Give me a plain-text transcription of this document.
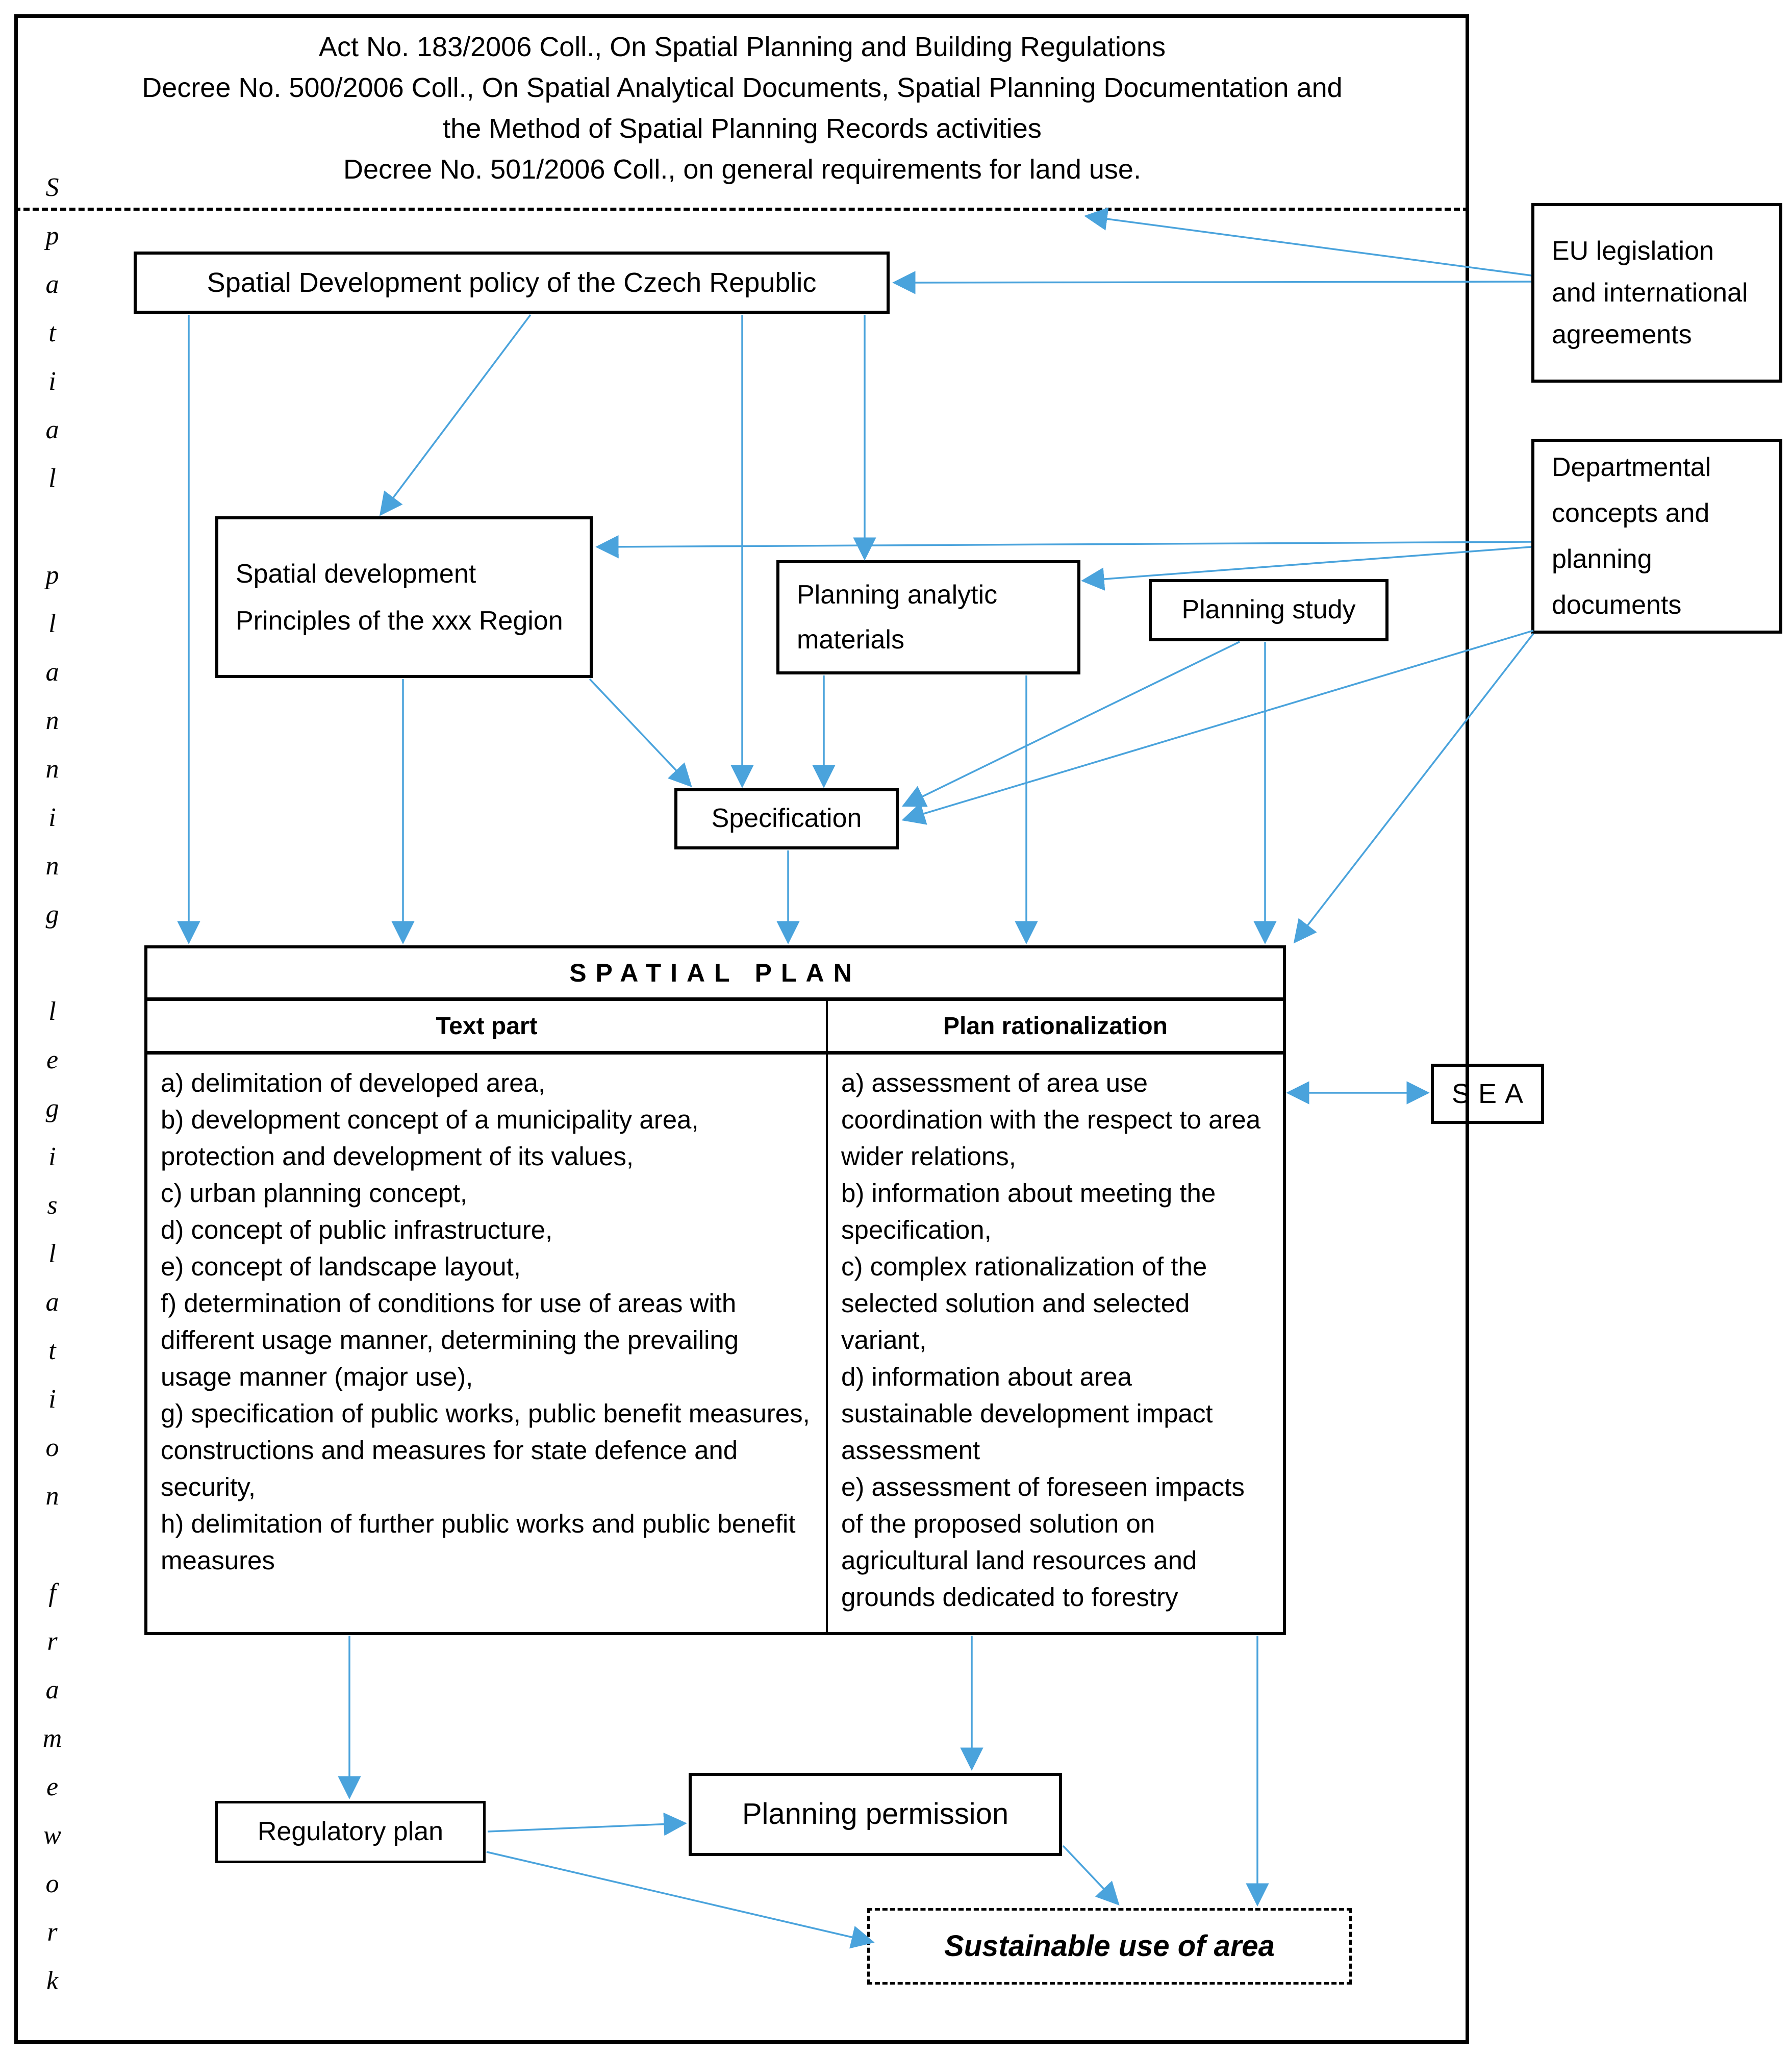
Act No. 183/2006 Coll., On Spatial Planning and Building Regulations
Decree No. 500/2006 Coll., On Spatial Analytical Documents, Spatial Planning Documentation and
the Method of Spatial Planning Records activities
Decree No. 501/2006 Coll., on general requirements for land use.
S
p
a
t
i
a
l
p
l
a
n
n
i
n
g
l
e
g
i
s
l
a
t
i
o
n
f
r
a
m
e
w
o
r
k
Spatial Development policy of the Czech Republic
Spatial development Principles of the xxx Region
Planning analytic materials
Planning study
Specification
EU legislation and international agreements
Departmental concepts and planning documents
SEA
SPATIAL PLAN
Text part	Plan rationalization
a) delimitation of developed area,
b) development concept of a municipality area, protection and development of its values,
c) urban planning concept,
d) concept of public infrastructure,
e) concept of landscape layout,
f) determination of conditions for use of areas with different usage manner, determining the prevailing usage manner (major use),
g) specification of public works, public benefit measures, constructions and measures for state defence and security,
h) delimitation of further public works and public benefit measures
a) assessment of area use coordination with the respect to area wider relations,
b) information about meeting the specification,
c) complex rationalization of the selected solution and selected variant,
d) information about area sustainable development impact assessment
e) assessment of foreseen impacts of the proposed solution on agricultural land resources and grounds dedicated to forestry
Regulatory plan
Planning permission
Sustainable use of area
